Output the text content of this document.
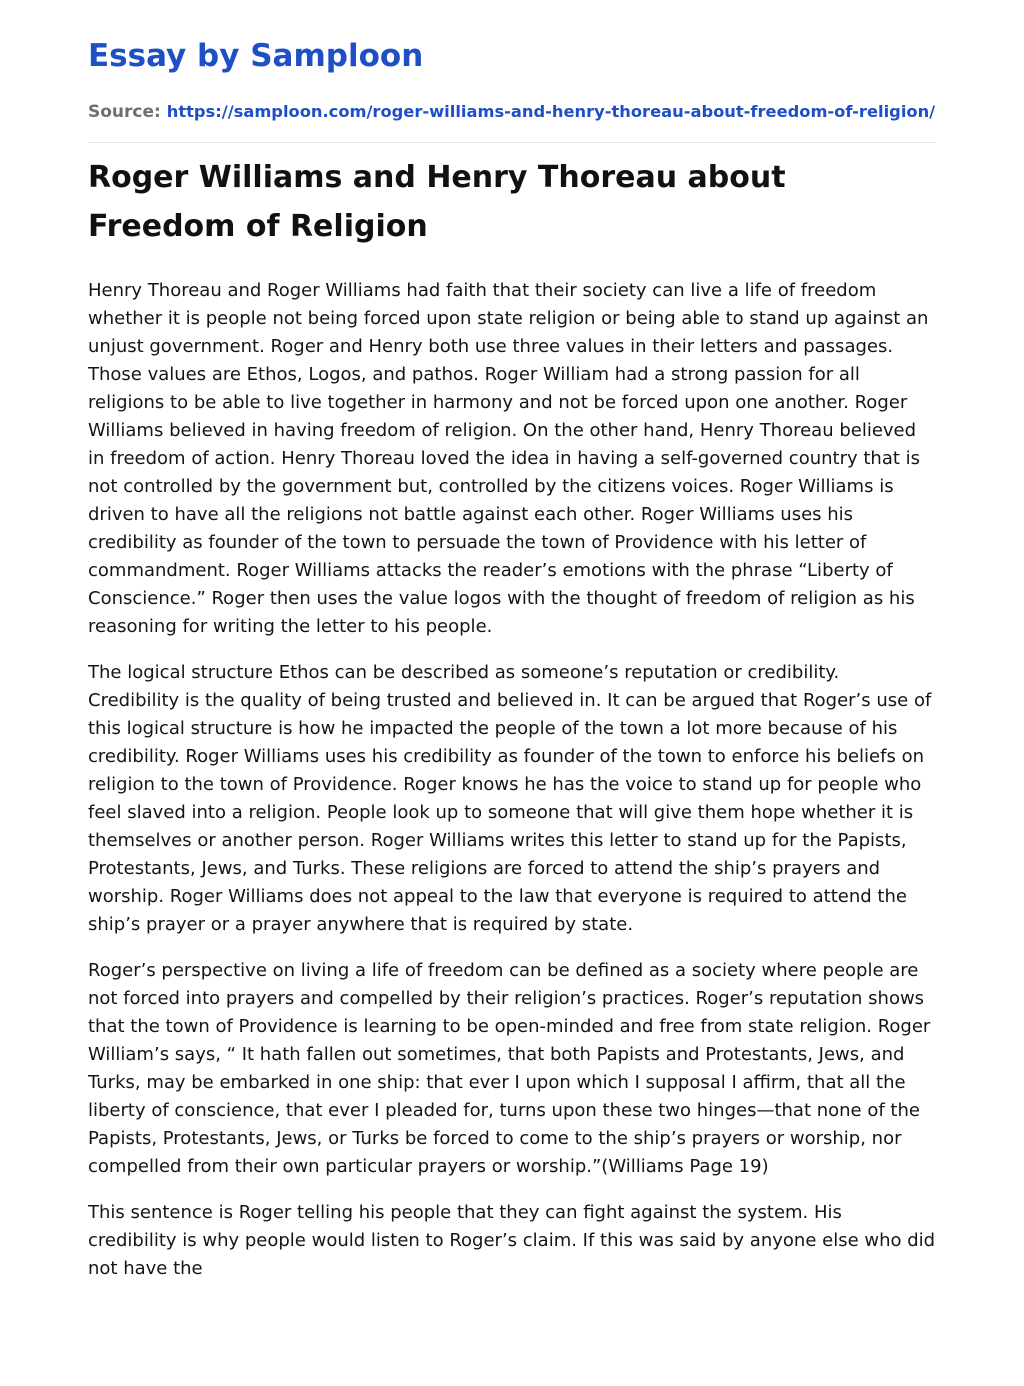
Essay by Samploon
Source: https://samploon.com/roger-williams-and-henry-thoreau-about-freedom-of-religion/
Roger Williams and Henry Thoreau about Freedom of Religion

Henry Thoreau and Roger Williams had faith that their society can live a life of freedom whether it is people not being forced upon state religion or being able to stand up against an unjust government. Roger and Henry both use three values in their letters and passages. Those values are Ethos, Logos, and pathos. Roger William had a strong passion for all religions to be able to live together in harmony and not be forced upon one another. Roger Williams believed in having freedom of religion. On the other hand, Henry Thoreau believed in freedom of action. Henry Thoreau loved the idea in having a self-governed country that is not controlled by the government but, controlled by the citizens voices. Roger Williams is driven to have all the religions not battle against each other. Roger Williams uses his credibility as founder of the town to persuade the town of Providence with his letter of commandment. Roger Williams attacks the reader’s emotions with the phrase “Liberty of Conscience.” Roger then uses the value logos with the thought of freedom of religion as his reasoning for writing the letter to his people.

The logical structure Ethos can be described as someone’s reputation or credibility. Credibility is the quality of being trusted and believed in. It can be argued that Roger’s use of this logical structure is how he impacted the people of the town a lot more because of his credibility. Roger Williams uses his credibility as founder of the town to enforce his beliefs on religion to the town of Providence. Roger knows he has the voice to stand up for people who feel slaved into a religion. People look up to someone that will give them hope whether it is themselves or another person. Roger Williams writes this letter to stand up for the Papists, Protestants, Jews, and Turks. These religions are forced to attend the ship’s prayers and worship. Roger Williams does not appeal to the law that everyone is required to attend the ship’s prayer or a prayer anywhere that is required by state.

Roger’s perspective on living a life of freedom can be defined as a society where people are not forced into prayers and compelled by their religion’s practices. Roger’s reputation shows that the town of Providence is learning to be open-minded and free from state religion. Roger William’s says, “ It hath fallen out sometimes, that both Papists and Protestants, Jews, and Turks, may be embarked in one ship: that ever I upon which I supposal I affirm, that all the liberty of conscience, that ever I pleaded for, turns upon these two hinges—that none of the Papists, Protestants, Jews, or Turks be forced to come to the ship’s prayers or worship, nor compelled from their own particular prayers or worship.”(Williams Page 19)

This sentence is Roger telling his people that they can fight against the system. His credibility is why people would listen to Roger’s claim. If this was said by anyone else who did not have the
